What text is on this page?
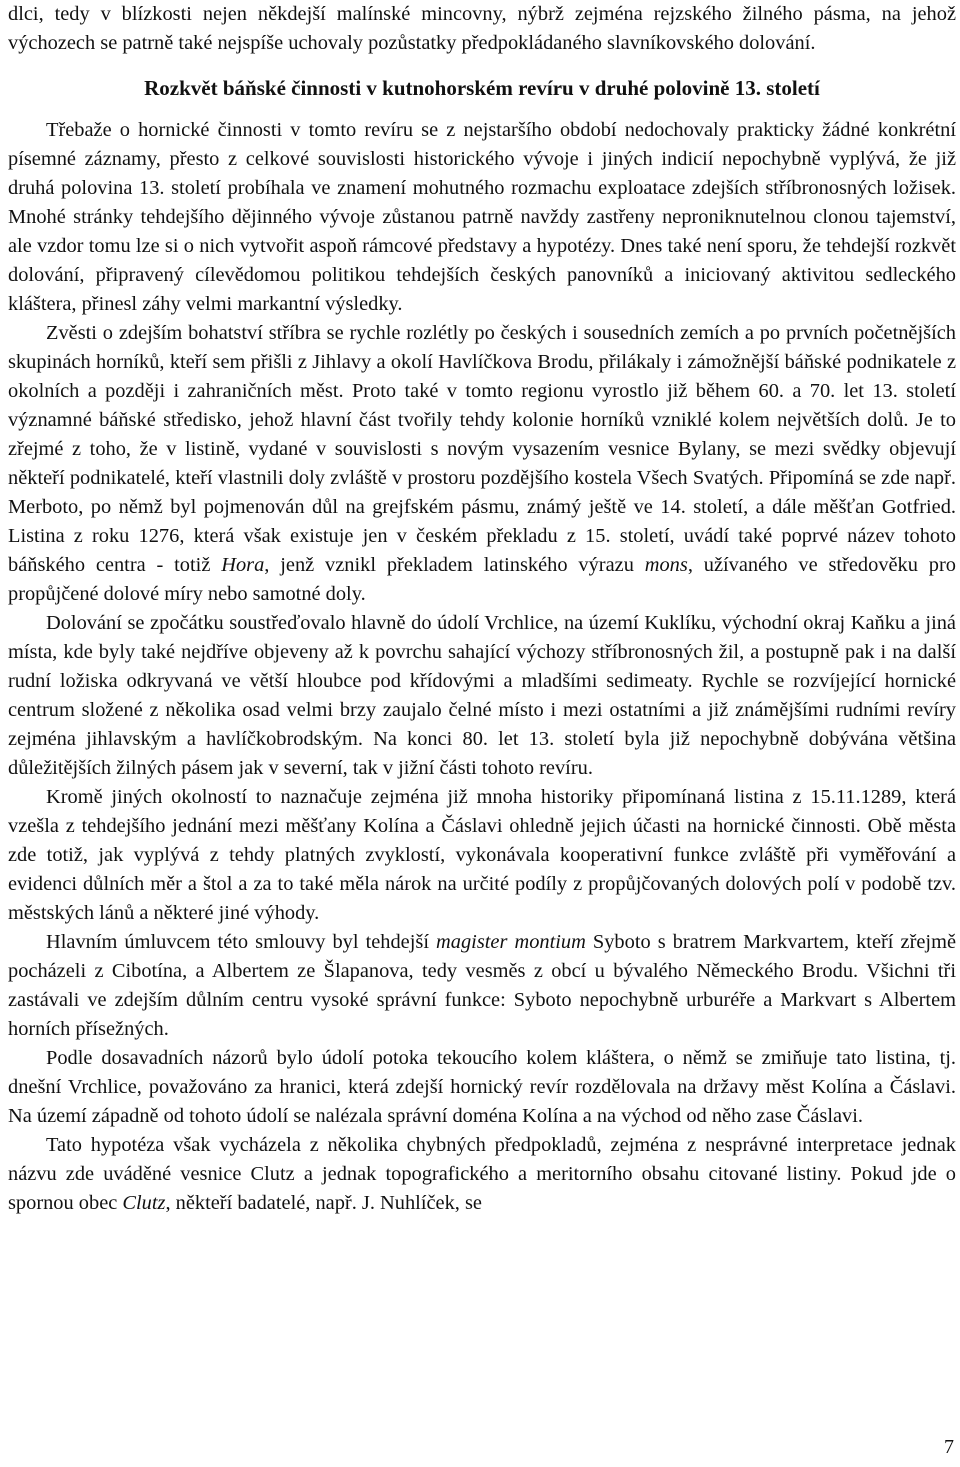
dlci, tedy v blízkosti nejen někdejší malínské mincovny, nýbrž zejména rejzského žilného pásma, na jehož výchozech se patrně také nejspíše uchovaly pozůstatky předpokládaného slavníkovského dolování.

Rozkvět báňské činnosti v kutnohorském revíru v druhé polovině 13. století

Třebaže o hornické činnosti v tomto revíru se z nejstaršího období nedochovaly prakticky žádné konkrétní písemné záznamy, přesto z celkové souvislosti historického vývoje i jiných indicií nepochybně vyplývá, že již druhá polovina 13. století probíhala ve znamení mohutného rozmachu exploatace zdejších stříbronosných ložisek. Mnohé stránky tehdejšího dějinného vývoje zůstanou patrně navždy zastřeny neproniknutelnou clonou tajemství, ale vzdor tomu lze si o nich vytvořit aspoň rámcové představy a hypotézy. Dnes také není sporu, že tehdejší rozkvět dolování, připravený cílevědomou politikou tehdejších českých panovníků a iniciovaný aktivitou sedleckého kláštera, přinesl záhy velmi markantní výsledky.

Zvěsti o zdejším bohatství stříbra se rychle rozlétly po českých i sousedních zemích a po prvních početnějších skupinách horníků, kteří sem přišli z Jihlavy a okolí Havlíčkova Brodu, přilákaly i zámožnější báňské podnikatele z okolních a později i zahraničních měst. Proto také v tomto regionu vyrostlo již během 60. a 70. let 13. století významné báňské středisko, jehož hlavní část tvořily tehdy kolonie horníků vzniklé kolem největších dolů. Je to zřejmé z toho, že v listině, vydané v souvislosti s novým vysazením vesnice Bylany, se mezi svědky objevují někteří podnikatelé, kteří vlastnili doly zvláště v prostoru pozdějšího kostela Všech Svatých. Připomíná se zde např. Merboto, po němž byl pojmenován důl na grejfském pásmu, známý ještě ve 14. století, a dále měšťan Gotfried. Listina z roku 1276, která však existuje jen v českém překladu z 15. století, uvádí také poprvé název tohoto báňského centra - totiž Hora, jenž vznikl překladem latinského výrazu mons, užívaného ve středověku pro propůjčené dolové míry nebo samotné doly.

Dolování se zpočátku soustřeďovalo hlavně do údolí Vrchlice, na území Kuklíku, východní okraj Kaňku a jiná místa, kde byly také nejdříve objeveny až k povrchu sahající výchozy stříbronosných žil, a postupně pak i na další rudní ložiska odkryvaná ve větší hloubce pod křídovými a mladšími sedimeaty. Rychle se rozvíjející hornické centrum složené z několika osad velmi brzy zaujalo čelné místo i mezi ostatními a již známějšími rudními revíry zejména jihlavským a havlíčkobrodským. Na konci 80. let 13. století byla již nepochybně dobývána většina důležitějších žilných pásem jak v severní, tak v jižní části tohoto revíru.

Kromě jiných okolností to naznačuje zejména již mnoha historiky připomínaná listina z 15.11.1289, která vzešla z tehdejšího jednání mezi měšťany Kolína a Čáslavi ohledně jejich účasti na hornické činnosti. Obě města zde totiž, jak vyplývá z tehdy platných zvyklostí, vykonávala kooperativní funkce zvláště při vyměřování a evidenci důlních měr a štol a za to také měla nárok na určité podíly z propůjčovaných dolových polí v podobě tzv. městských lánů a některé jiné výhody.

Hlavním úmluvcem této smlouvy byl tehdejší magister montium Syboto s bratrem Markvartem, kteří zřejmě pocházeli z Cibotína, a Albertem ze Šlapanova, tedy vesměs z obcí u bývalého Německého Brodu. Všichni tři zastávali ve zdejším důlním centru vysoké správní funkce: Syboto nepochybně urburéře a Markvart s Albertem horních přísežných.

Podle dosavadních názorů bylo údolí potoka tekoucího kolem kláštera, o němž se zmiňuje tato listina, tj. dnešní Vrchlice, považováno za hranici, která zdejší hornický revír rozdělovala na državy měst Kolína a Čáslavi. Na území západně od tohoto údolí se nalézala správní doména Kolína a na východ od něho zase Čáslavi.

Tato hypotéza však vycházela z několika chybných předpokladů, zejména z nesprávné interpretace jednak názvu zde uváděné vesnice Clutz a jednak topografického a meritorního obsahu citované listiny. Pokud jde o spornou obec Clutz, někteří badatelé, např. J. Nuhlíček, se

7
